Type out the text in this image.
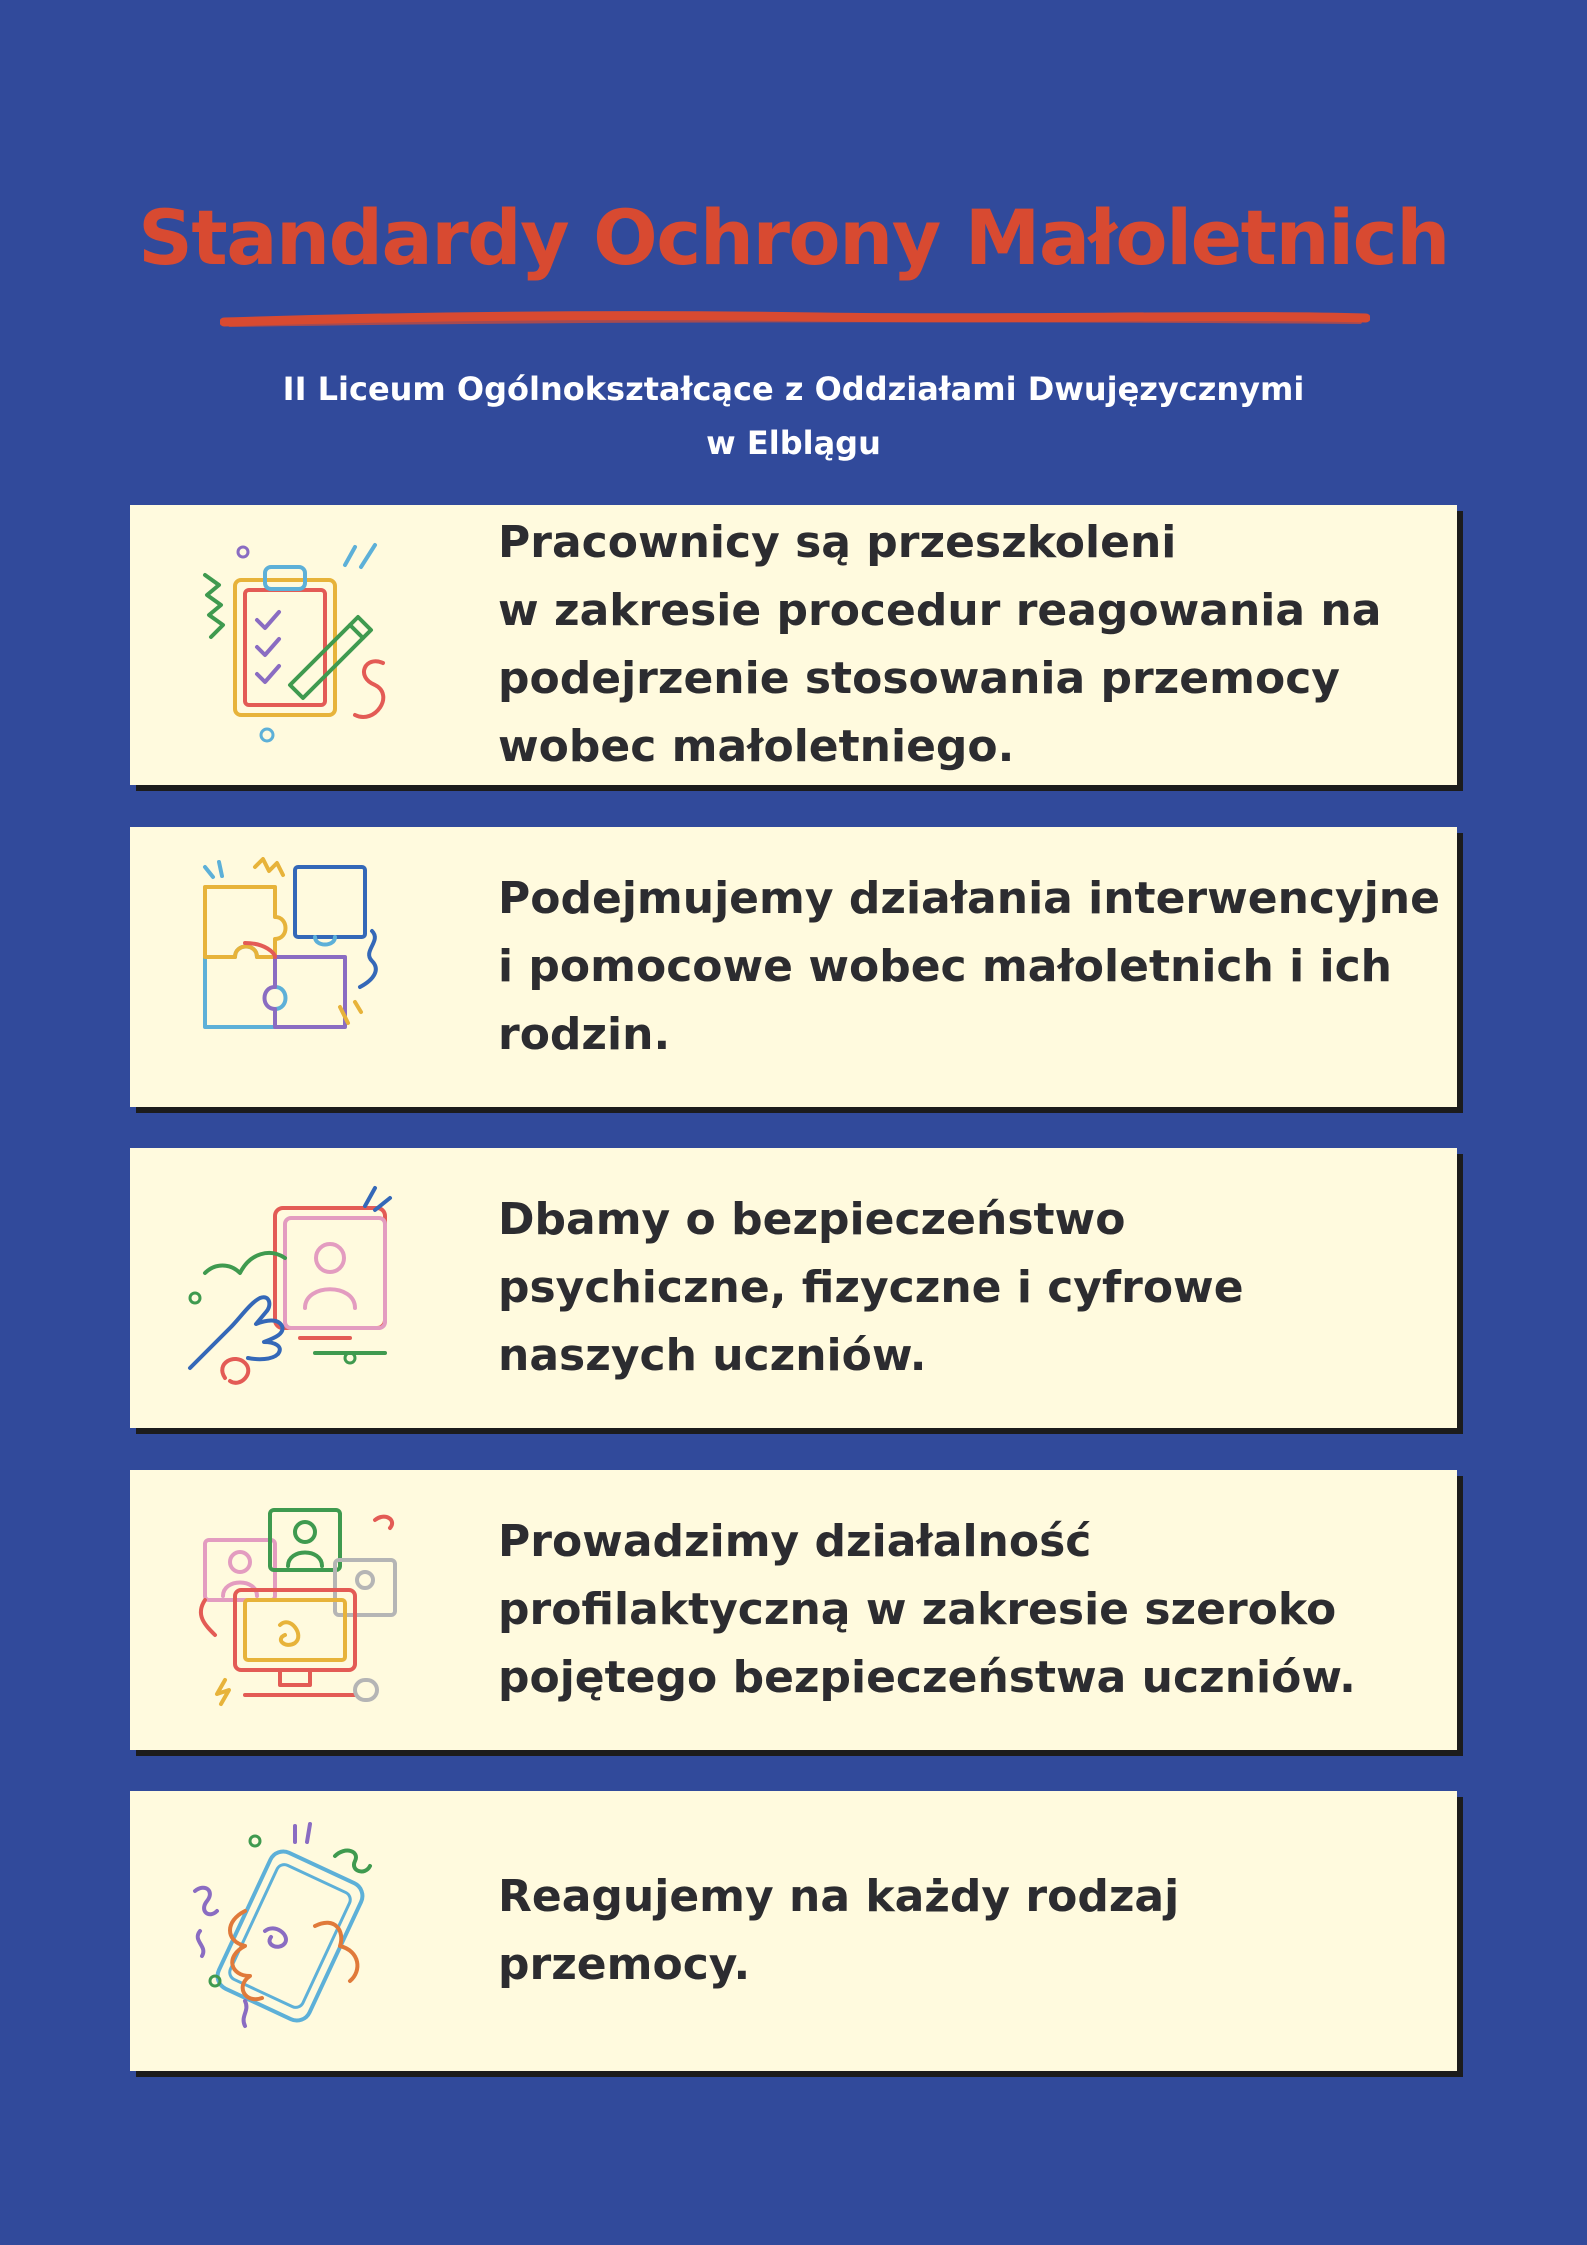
Standardy Ochrony Małoletnich
II Liceum Ogólnokształcące z Oddziałami Dwujęzycznymi
w Elblągu
Pracownicy są przeszkoleni
w zakresie procedur reagowania na
podejrzenie stosowania przemocy
wobec małoletniego.
Podejmujemy działania interwencyjne
i pomocowe wobec małoletnich i ich
rodzin.
Dbamy o bezpieczeństwo
psychiczne, fizyczne i cyfrowe
naszych uczniów.
Prowadzimy działalność
profilaktyczną w zakresie szeroko
pojętego bezpieczeństwa uczniów.
Reagujemy na każdy rodzaj
przemocy.
